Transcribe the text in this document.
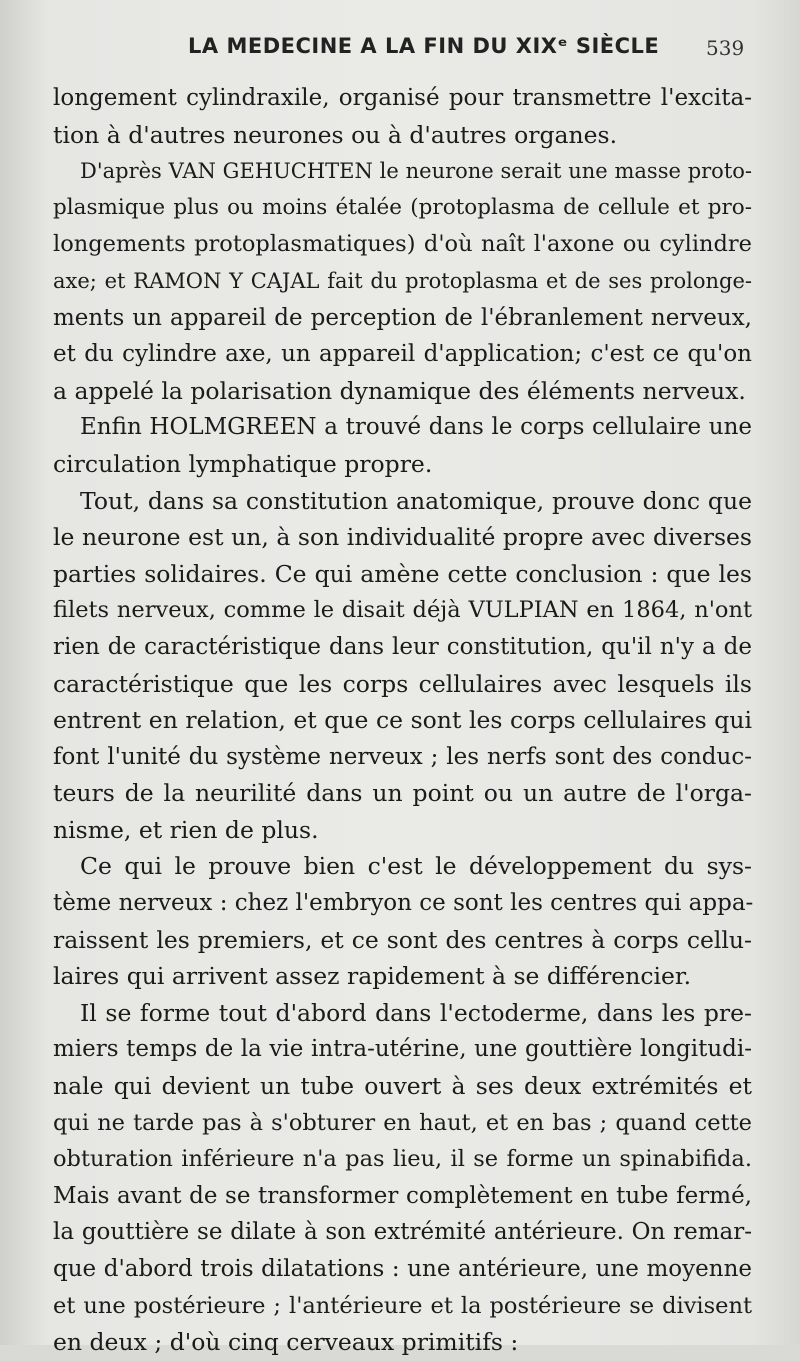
LA MEDECINE A LA FIN DU XIXᵉ SIÈCLE 539
longement cylindraxile, organisé pour transmettre l'excita-
tion à d'autres neurones ou à d'autres organes.
D'après VAN GEHUCHTEN le neurone serait une masse proto-
plasmique plus ou moins étalée (protoplasma de cellule et pro-
longements protoplasmatiques) d'où naît l'axone ou cylindre
axe; et RAMON Y CAJAL fait du protoplasma et de ses prolonge-
ments un appareil de perception de l'ébranlement nerveux,
et du cylindre axe, un appareil d'application; c'est ce qu'on
a appelé la polarisation dynamique des éléments nerveux.
Enfin HOLMGREEN a trouvé dans le corps cellulaire une
circulation lymphatique propre.
Tout, dans sa constitution anatomique, prouve donc que
le neurone est un, à son individualité propre avec diverses
parties solidaires. Ce qui amène cette conclusion : que les
filets nerveux, comme le disait déjà VULPIAN en 1864, n'ont
rien de caractéristique dans leur constitution, qu'il n'y a de
caractéristique que les corps cellulaires avec lesquels ils
entrent en relation, et que ce sont les corps cellulaires qui
font l'unité du système nerveux ; les nerfs sont des conduc-
teurs de la neurilité dans un point ou un autre de l'orga-
nisme, et rien de plus.
Ce qui le prouve bien c'est le développement du sys-
tème nerveux : chez l'embryon ce sont les centres qui appa-
raissent les premiers, et ce sont des centres à corps cellu-
laires qui arrivent assez rapidement à se différencier.
Il se forme tout d'abord dans l'ectoderme, dans les pre-
miers temps de la vie intra-utérine, une gouttière longitudi-
nale qui devient un tube ouvert à ses deux extrémités et
qui ne tarde pas à s'obturer en haut, et en bas ; quand cette
obturation inférieure n'a pas lieu, il se forme un spinabifida.
Mais avant de se transformer complètement en tube fermé,
la gouttière se dilate à son extrémité antérieure. On remar-
que d'abord trois dilatations : une antérieure, une moyenne
et une postérieure ; l'antérieure et la postérieure se divisent
en deux ; d'où cinq cerveaux primitifs :
